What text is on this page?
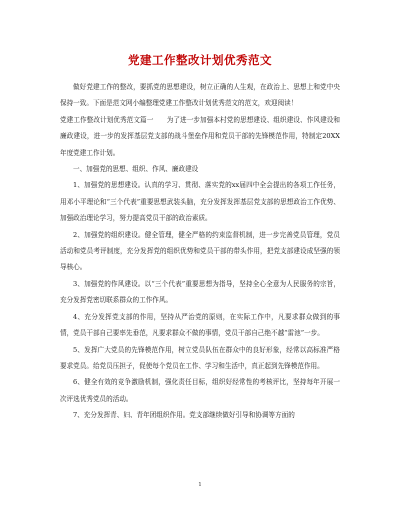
党建工作整改计划优秀范文

做好党建工作的整改，要抓党的思想建设，树立正确的人生观，在政治上、思想上和党中央保持一致。下面是范文网小编整理党建工作整改计划优秀范文的范文，欢迎阅读！

党建工作整改计划优秀范文篇一　　为了进一步加强本村党的思想建设、组织建设、作风建设和廉政建设，进一步的发挥基层党支部的战斗堡垒作用和党员干部的先锋模范作用，特制定20XX年度党建工作计划。

一、加强党的思想、组织、作风、廉政建设

1、加强党的思想建设。认真的学习、贯彻、落实党的xx届四中全会提出的各项工作任务，用邓小平理论和“三个代表”重要思想武装头脑，充分发挥发挥基层党支部的思想政治工作优势、加强政治理论学习，努力提高党员干部的政治素质。

2、加强党的组织建设。健全管理，健全严格的约束监督机制，进一步完善党员管理，党员活动和党员考评制度，充分发挥党的组织优势和党员干部的带头作用，把党支部建设成坚强的领导核心。

3、加强党的作风建设。以“三个代表”重要思想为指导，坚持全心全意为人民服务的宗旨，充分发挥党密切联系群众的工作作风。

4、充分发挥党支部的作用，坚持从严治党的原则，在实际工作中，凡要求群众做到的事情，党员干部自己要率先垂范，凡要求群众不做的事情，党员干部自己绝不越“雷池”一步。

5、发挥广大党员的先锋模范作用，树立党员队伍在群众中的良好形象，经常以高标准严格要求党员。给党员压担子，促使每个党员在工作、学习和生活中，真正起到先锋模范作用。

6、健全有效的竞争激励机制，强化责任目标，组织好经常性的考核评比，坚持每年开展一次评选优秀党员的活动。

7、充分发挥青、妇、青年团组织作用。党支部继续做好引导和协调等方面的

1
